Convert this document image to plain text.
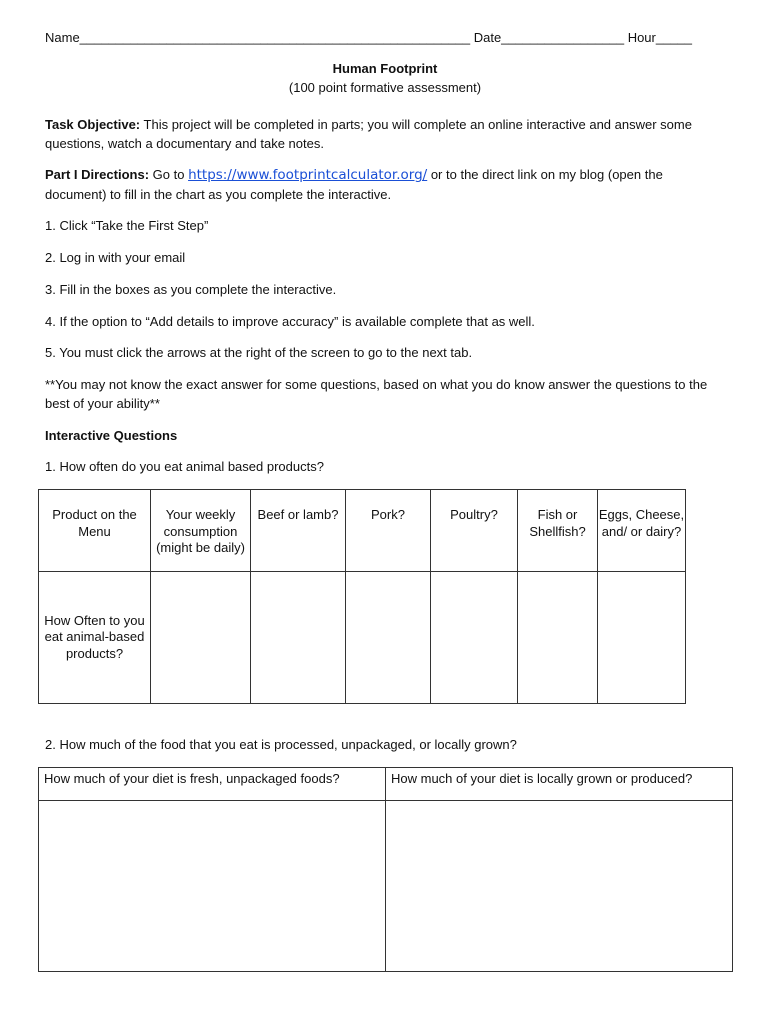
Name______________________________________________________ Date_________________ Hour_____
Human Footprint
(100 point formative assessment)
Task Objective: This project will be completed in parts; you will complete an online interactive and answer some questions, watch a documentary and take notes.
Part I Directions: Go to https://www.footprintcalculator.org/ or to the direct link on my blog (open the document) to fill in the chart as you complete the interactive.
1. Click “Take the First Step”
2. Log in with your email
3. Fill in the boxes as you complete the interactive.
4. If the option to “Add details to improve accuracy” is available complete that as well.
5. You must click the arrows at the right of the screen to go to the next tab.
**You may not know the exact answer for some questions, based on what you do know answer the questions to the best of your ability**
Interactive Questions
1. How often do you eat animal based products?
Product on the Menu	Your weekly consumption (might be daily)	Beef or lamb?	Pork?	Poultry?	Fish or Shellfish?	Eggs, Cheese, and/ or dairy?
How Often to you eat animal-based products?						
2. How much of the food that you eat is processed, unpackaged, or locally grown?
How much of your diet is fresh, unpackaged foods?	How much of your diet is locally grown or produced?
